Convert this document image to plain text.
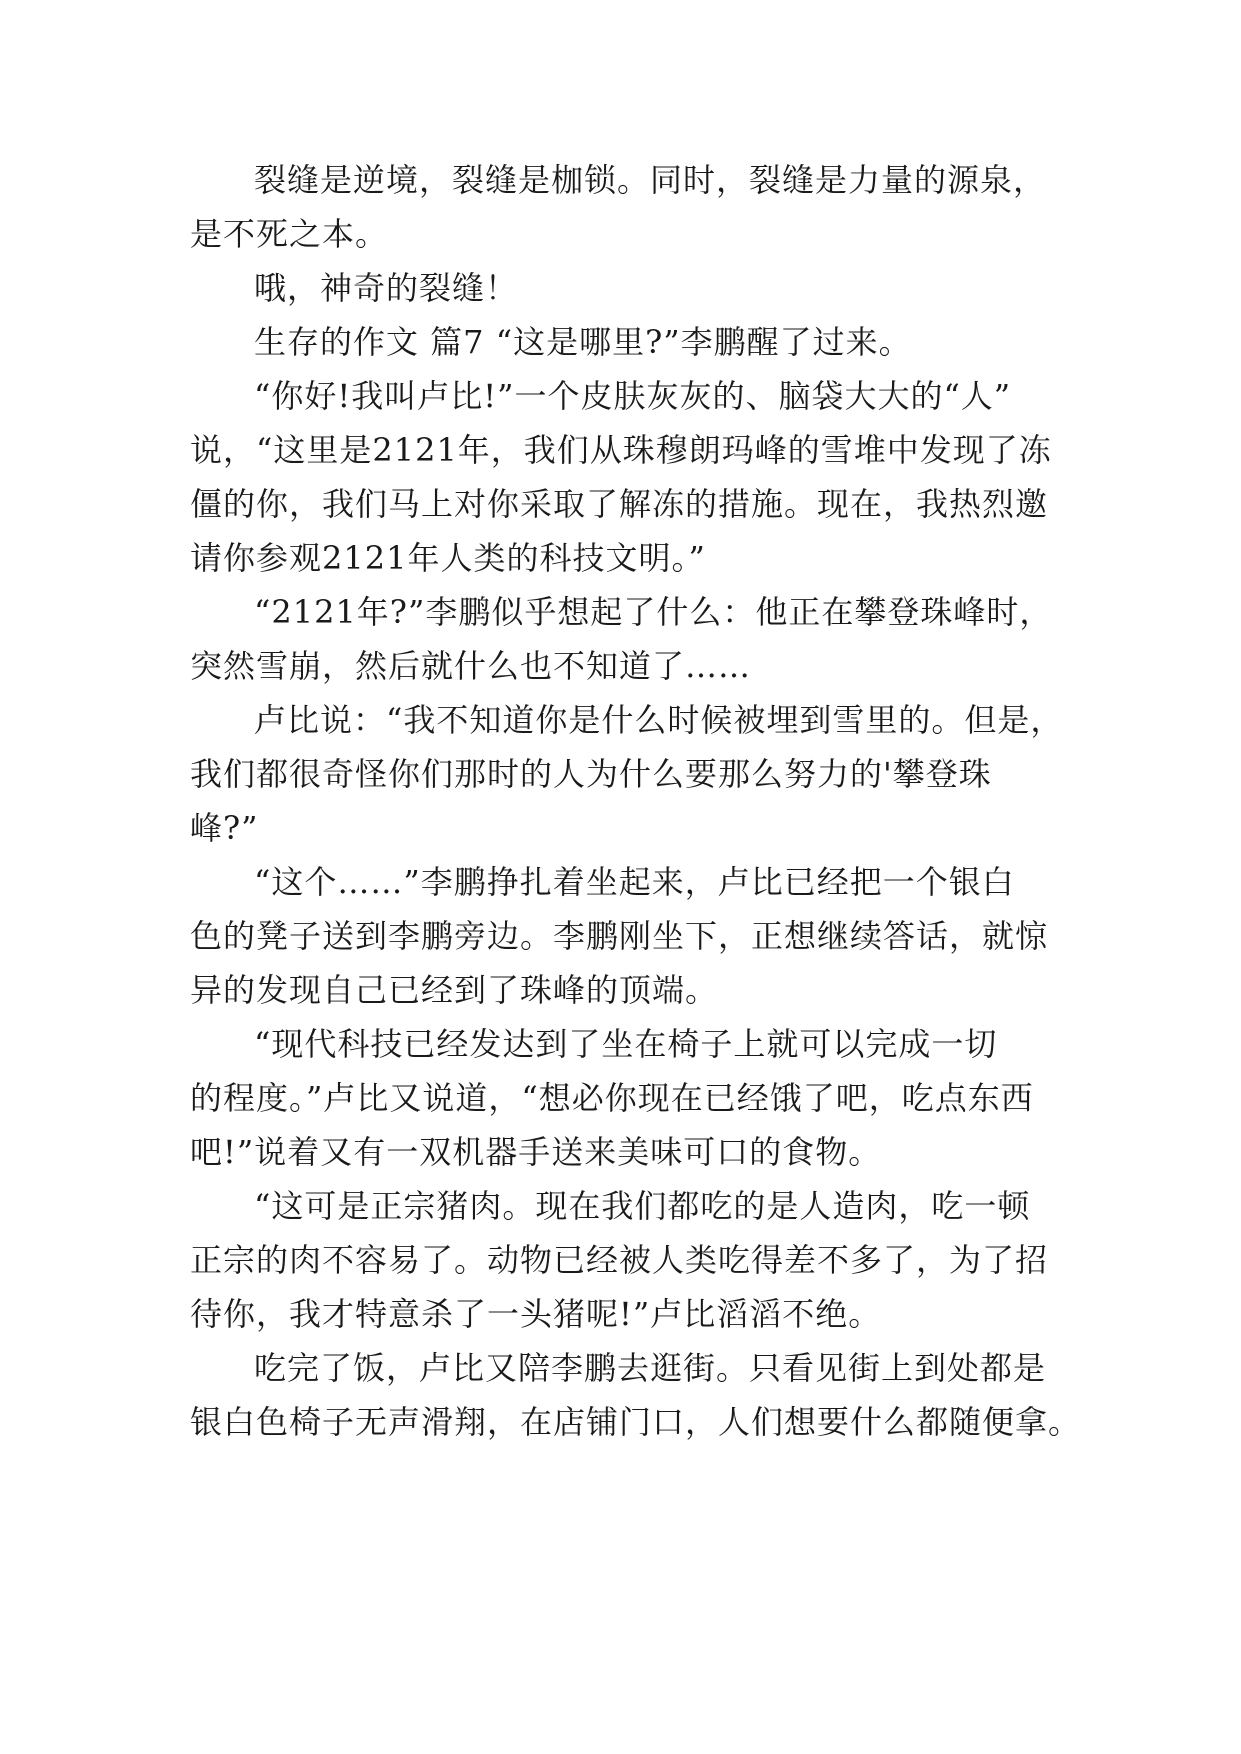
裂缝是逆境，裂缝是枷锁。同时，裂缝是力量的源泉，
是不死之本。
哦，神奇的裂缝！
生存的作文 篇7 “这是哪里?”李鹏醒了过来。
“你好!我叫卢比!”一个皮肤灰灰的、脑袋大大的“人”
说，“这里是2121年，我们从珠穆朗玛峰的雪堆中发现了冻
僵的你，我们马上对你采取了解冻的措施。现在，我热烈邀
请你参观2121年人类的科技文明。”
“2121年?”李鹏似乎想起了什么：他正在攀登珠峰时，
突然雪崩，然后就什么也不知道了……
卢比说：“我不知道你是什么时候被埋到雪里的。但是，
我们都很奇怪你们那时的人为什么要那么努力的'攀登珠
峰?”
“这个……”李鹏挣扎着坐起来，卢比已经把一个银白
色的凳子送到李鹏旁边。李鹏刚坐下，正想继续答话，就惊
异的发现自己已经到了珠峰的顶端。
“现代科技已经发达到了坐在椅子上就可以完成一切
的程度。”卢比又说道，“想必你现在已经饿了吧，吃点东西
吧!”说着又有一双机器手送来美味可口的食物。
“这可是正宗猪肉。现在我们都吃的是人造肉，吃一顿
正宗的肉不容易了。动物已经被人类吃得差不多了，为了招
待你，我才特意杀了一头猪呢!”卢比滔滔不绝。
吃完了饭，卢比又陪李鹏去逛街。只看见街上到处都是
银白色椅子无声滑翔，在店铺门口，人们想要什么都随便拿。
